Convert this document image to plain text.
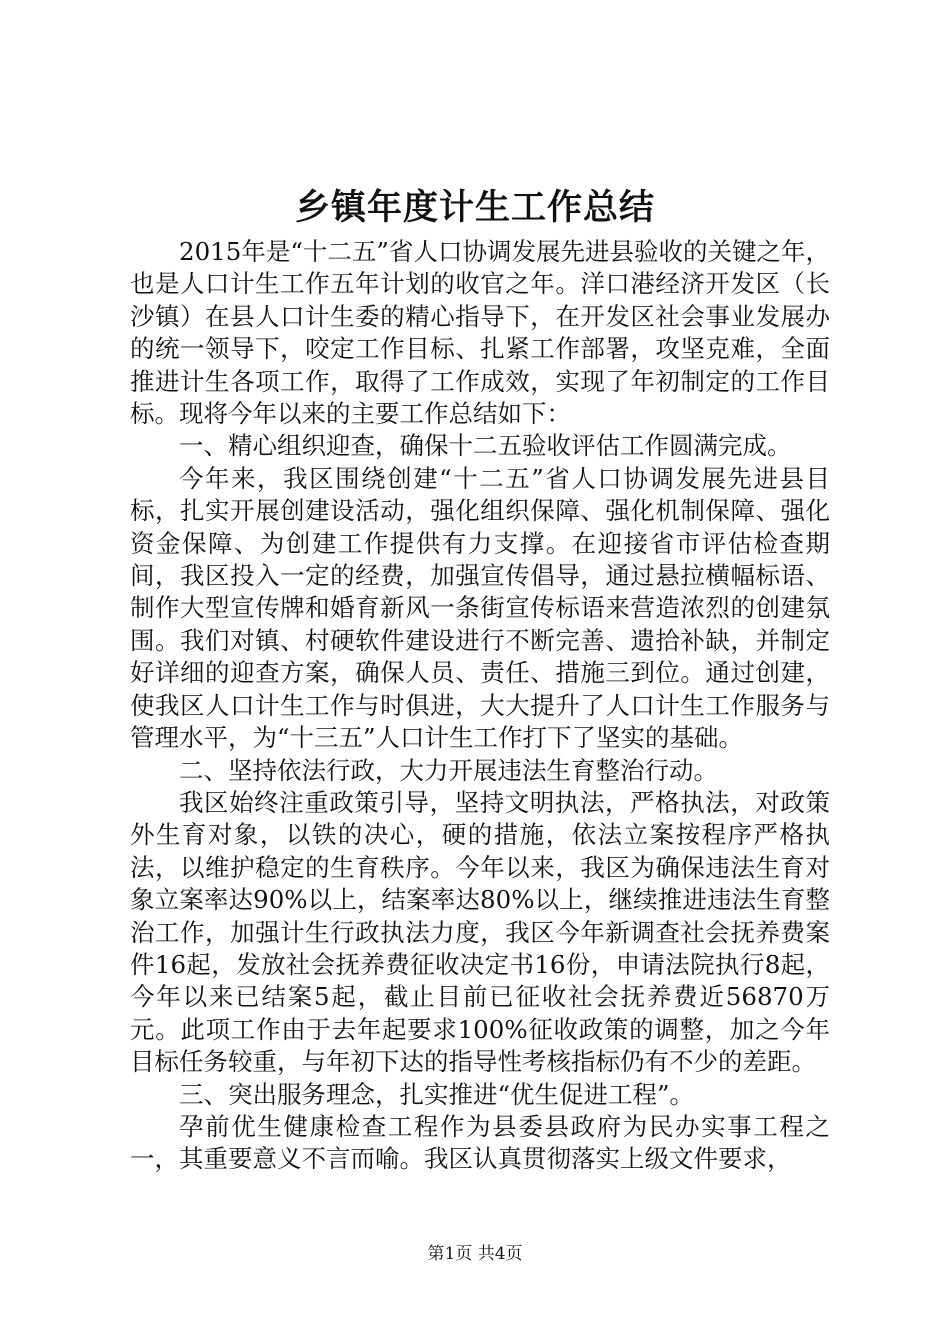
乡镇年度计生工作总结

2015年是“十二五”省人口协调发展先进县验收的关键之年，也是人口计生工作五年计划的收官之年。洋口港经济开发区（长沙镇）在县人口计生委的精心指导下，在开发区社会事业发展办的统一领导下，咬定工作目标、扎紧工作部署，攻坚克难，全面推进计生各项工作，取得了工作成效，实现了年初制定的工作目标。现将今年以来的主要工作总结如下：

一、精心组织迎查，确保十二五验收评估工作圆满完成。

今年来，我区围绕创建“十二五”省人口协调发展先进县目标，扎实开展创建设活动，强化组织保障、强化机制保障、强化资金保障、为创建工作提供有力支撑。在迎接省市评估检查期间，我区投入一定的经费，加强宣传倡导，通过悬拉横幅标语、制作大型宣传牌和婚育新风一条街宣传标语来营造浓烈的创建氛围。我们对镇、村硬软件建设进行不断完善、遗拾补缺，并制定好详细的迎查方案，确保人员、责任、措施三到位。通过创建，使我区人口计生工作与时俱进，大大提升了人口计生工作服务与管理水平，为“十三五”人口计生工作打下了坚实的基础。

二、坚持依法行政，大力开展违法生育整治行动。

我区始终注重政策引导，坚持文明执法，严格执法，对政策外生育对象，以铁的决心，硬的措施，依法立案按程序严格执法，以维护稳定的生育秩序。今年以来，我区为确保违法生育对象立案率达90%以上，结案率达80%以上，继续推进违法生育整治工作，加强计生行政执法力度，我区今年新调查社会抚养费案件16起，发放社会抚养费征收决定书16份，申请法院执行8起，今年以来已结案5起，截止目前已征收社会抚养费近56870万元。此项工作由于去年起要求100%征收政策的调整，加之今年目标任务较重，与年初下达的指导性考核指标仍有不少的差距。

三、突出服务理念，扎实推进“优生促进工程”。

孕前优生健康检查工程作为县委县政府为民办实事工程之一，其重要意义不言而喻。我区认真贯彻落实上级文件要求，

第1页 共4页
